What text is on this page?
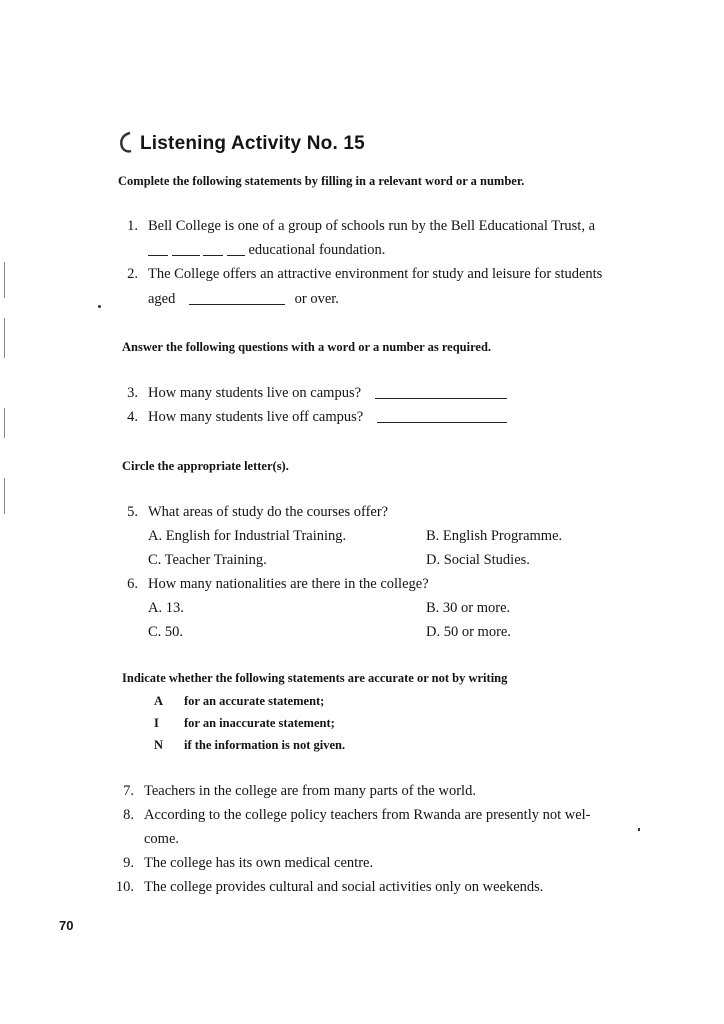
Listening Activity No. 15
Complete the following statements by filling in a relevant word or a number.
1. Bell College is one of a group of schools run by the Bell Educational Trust, a
educational foundation.
2. The College offers an attractive environment for study and leisure for students
aged	or over.
Answer the following questions with a word or a number as required.
3. How many students live on campus?
4. How many students live off campus?
Circle the appropriate letter(s).
5. What areas of study do the courses offer?
A. English for Industrial Training.	B. English Programme.
C. Teacher Training.	D. Social Studies.
6. How many nationalities are there in the college?
A. 13.	B. 30 or more.
C. 50.	D. 50 or more.
Indicate whether the following statements are accurate or not by writing
A for an accurate statement;
I for an inaccurate statement;
N if the information is not given.
7. Teachers in the college are from many parts of the world.
8. According to the college policy teachers from Rwanda are presently not wel-
come.
9. The college has its own medical centre.
10. The college provides cultural and social activities only on weekends.
70
